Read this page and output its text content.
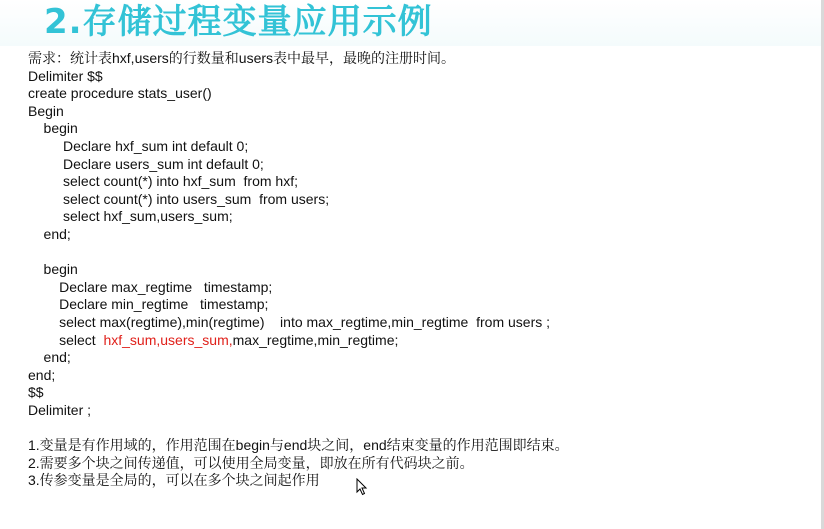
2.存储过程变量应用示例
需求：统计表hxf,users的行数量和users表中最早，最晚的注册时间。
Delimiter $$
create procedure stats_user()
Begin
begin
Declare hxf_sum int default 0;
Declare users_sum int default 0;
select count(*) into hxf_sum  from hxf;
select count(*) into users_sum  from users;
select hxf_sum,users_sum;
end;
begin
Declare max_regtime   timestamp;
Declare min_regtime   timestamp;
select max(regtime),min(regtime)    into max_regtime,min_regtime  from users ;
select  hxf_sum,users_sum,max_regtime,min_regtime;
end;
end;
$$
Delimiter ;
1.变量是有作用域的，作用范围在begin与end块之间，end结束变量的作用范围即结束。
2.需要多个块之间传递值，可以使用全局变量，即放在所有代码块之前。
3.传参变量是全局的，可以在多个块之间起作用
